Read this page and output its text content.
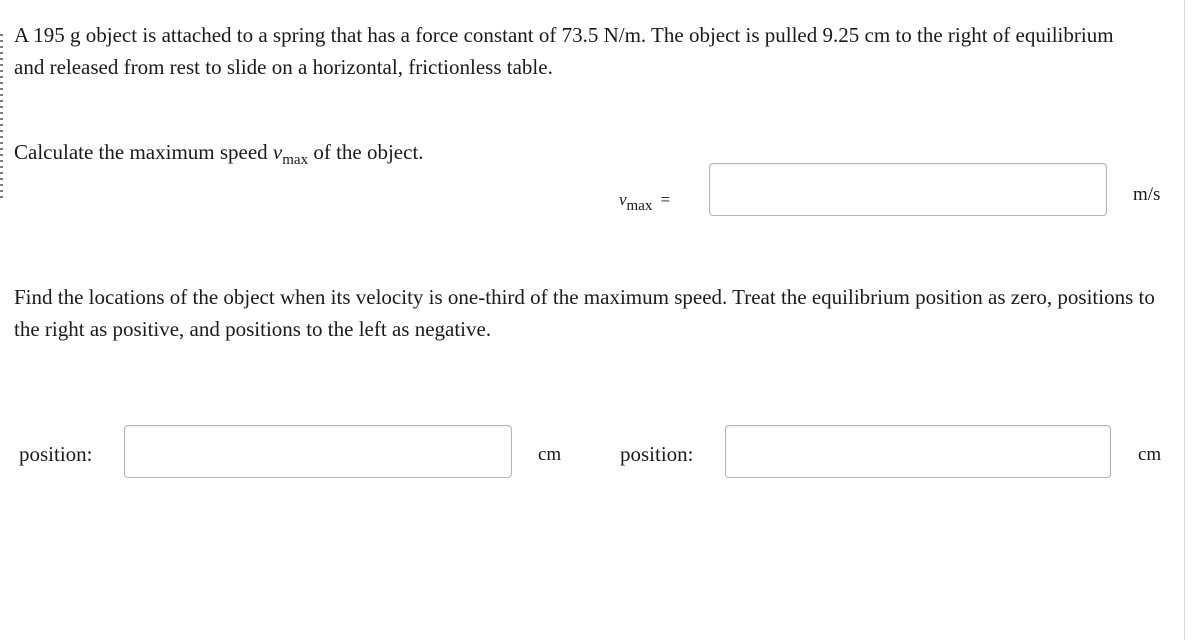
A 195 g object is attached to a spring that has a force constant of 73.5 N/m. The object is pulled 9.25 cm to the right of equilibrium and released from rest to slide on a horizontal, frictionless table.
Calculate the maximum speed $v_{max}$ of the object.
vmax =	m/s
Find the locations of the object when its velocity is one-third of the maximum speed. Treat the equilibrium position as zero, positions to the right as positive, and positions to the left as negative.
position:	cm	position:	cm
